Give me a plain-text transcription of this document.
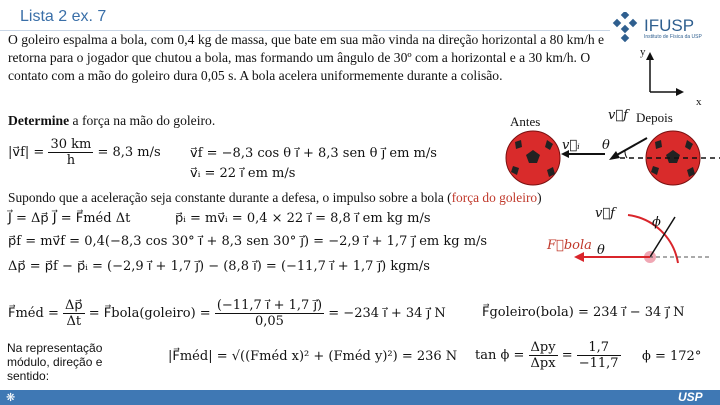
Lista 2 ex. 7	IFUSP
Instituto de Física da USP
O goleiro espalma a bola, com 0,4 kg de massa, que bate em sua mão vinda na direção horizontal a 80 km/h e retorna para o jogador que chutou a bola, mas formando um ângulo de 30º com a horizontal e a 30 km/h. O contato com a mão do goleiro dura 0,05 s. A bola acelera uniformemente durante a colisão.
Determine a força na mão do goleiro.
y
x
Antes	Depois
v⃗f
v⃗ᵢ θ
|v⃗f| = $\frac{30 km}{h} = 8,3$ m/s v⃗f = −8,3 cos θ i⃗ + 8,3 sen θ j⃗ em m/s
v⃗ᵢ = 22 i⃗ em m/s
Supondo que a aceleração seja constante durante a defesa, o impulso sobre a bola (força do goleiro)
J⃗ = Δp⃗ J⃗ = F⃗méd Δt	p⃗ᵢ = mv⃗ᵢ = 0,4 × 22 i⃗ = 8,8 i⃗ em kg m/s
p⃗f = mv⃗f = 0,4(−8,3 cos 30° i⃗ + 8,3 sen 30° j⃗) = −2,9 i⃗ + 1,7 j⃗ em kg m/s
Δp⃗ = p⃗f − p⃗ᵢ = (−2,9 i⃗ + 1,7 j⃗) − (8,8 i⃗) = (−11,7 i⃗ + 1,7 j⃗) kgm/s
v⃗f
ϕ
F⃗bola θ
F⃗méd = $\frac{\Delta p⃗}{\Delta t}$ = F⃗bola(goleiro) = $\frac{(-11,7 i⃗ + 1,7 j⃗)}{0,05} = -234$ i⃗ + 34 j⃗ N	F⃗goleiro(bola) = 234 i⃗ − 34 j⃗ N
Na representação módulo, direção e sentido:
|F⃗méd| = √((Fméd x)² + (Fméd y)²) = 236 N $\tan \phi = \frac{\text{Δpy}}{\text{Δpx}} = \frac{1,7}{-11,7}$ ϕ = 172°
❋	USP
